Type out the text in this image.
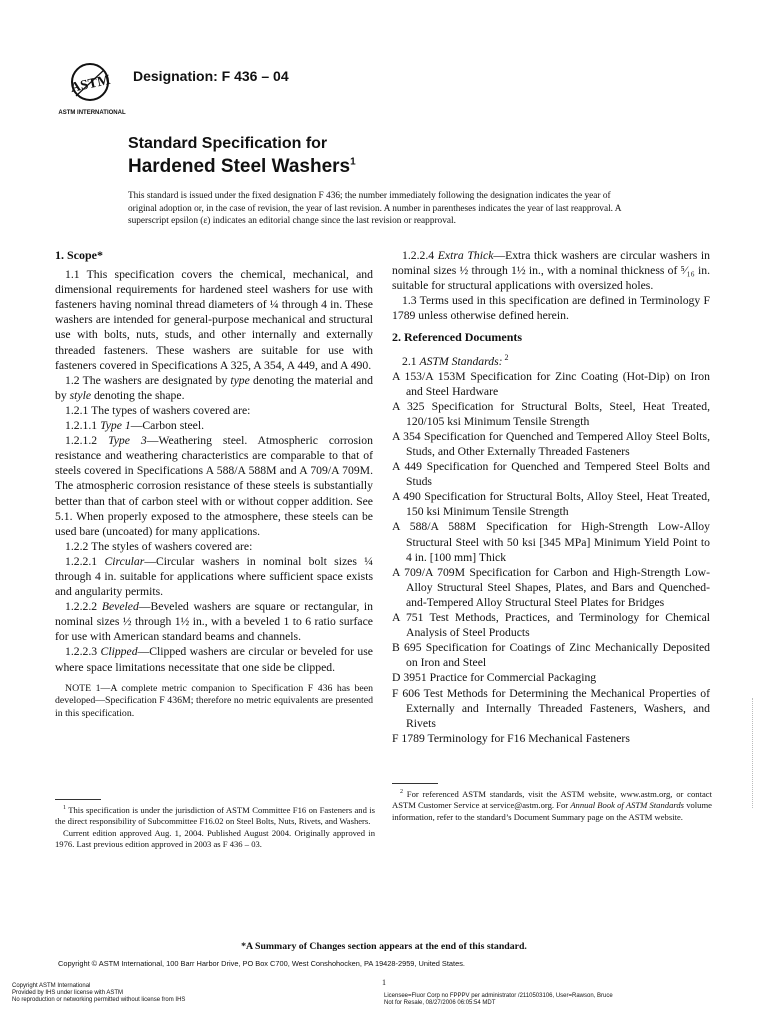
ASTM
ASTM INTERNATIONAL
Designation: F 436 – 04
Standard Specification for
Hardened Steel Washers$^1$
This standard is issued under the fixed designation F 436; the number immediately following the designation indicates the year of original adoption or, in the case of revision, the year of last revision. A number in parentheses indicates the year of last reapproval. A superscript epsilon (ε) indicates an editorial change since the last revision or reapproval.
1. Scope*

1.1 This specification covers the chemical, mechanical, and dimensional requirements for hardened steel washers for use with fasteners having nominal thread diameters of ¼ through 4 in. These washers are intended for general-purpose mechanical and structural use with bolts, nuts, studs, and other internally and externally threaded fasteners. These washers are suitable for use with fasteners covered in Specifications A 325, A 354, A 449, and A 490.

1.2 The washers are designated by type denoting the material and by style denoting the shape.

1.2.1 The types of washers covered are:

1.2.1.1 Type 1—Carbon steel.

1.2.1.2 Type 3—Weathering steel. Atmospheric corrosion resistance and weathering characteristics are comparable to that of steels covered in Specifications A 588/A 588M and A 709/A 709M. The atmospheric corrosion resistance of these steels is substantially better than that of carbon steel with or without copper addition. See 5.1. When properly exposed to the atmosphere, these steels can be used bare (uncoated) for many applications.

1.2.2 The styles of washers covered are:

1.2.2.1 Circular—Circular washers in nominal bolt sizes ¼ through 4 in. suitable for applications where sufficient space exists and angularity permits.

1.2.2.2 Beveled—Beveled washers are square or rectangular, in nominal sizes ½ through 1½ in., with a beveled 1 to 6 ratio surface for use with American standard beams and channels.

1.2.2.3 Clipped—Clipped washers are circular or beveled for use where space limitations necessitate that one side be clipped.

NOTE 1—A complete metric companion to Specification F 436 has been developed—Specification F 436M; therefore no metric equivalents are presented in this specification.

1.2.2.4 Extra Thick—Extra thick washers are circular washers in nominal sizes ½ through 1½ in., with a nominal thickness of ⁵⁄₁₆ in. suitable for structural applications with oversized holes.

1.3 Terms used in this specification are defined in Terminology F 1789 unless otherwise defined herein.

2. Referenced Documents

2.1 ASTM Standards: $^2$

A 153/A 153M Specification for Zinc Coating (Hot-Dip) on Iron and Steel Hardware

A 325 Specification for Structural Bolts, Steel, Heat Treated, 120/105 ksi Minimum Tensile Strength

A 354 Specification for Quenched and Tempered Alloy Steel Bolts, Studs, and Other Externally Threaded Fasteners

A 449 Specification for Quenched and Tempered Steel Bolts and Studs

A 490 Specification for Structural Bolts, Alloy Steel, Heat Treated, 150 ksi Minimum Tensile Strength

A 588/A 588M Specification for High-Strength Low-Alloy Structural Steel with 50 ksi [345 MPa] Minimum Yield Point to 4 in. [100 mm] Thick

A 709/A 709M Specification for Carbon and High-Strength Low-Alloy Structural Steel Shapes, Plates, and Bars and Quenched-and-Tempered Alloy Structural Steel Plates for Bridges

A 751 Test Methods, Practices, and Terminology for Chemical Analysis of Steel Products

B 695 Specification for Coatings of Zinc Mechanically Deposited on Iron and Steel

D 3951 Practice for Commercial Packaging

F 606 Test Methods for Determining the Mechanical Properties of Externally and Internally Threaded Fasteners, Washers, and Rivets

F 1789 Terminology for F16 Mechanical Fasteners

$^1$ This specification is under the jurisdiction of ASTM Committee F16 on Fasteners and is the direct responsibility of Subcommittee F16.02 on Steel Bolts, Nuts, Rivets, and Washers.

Current edition approved Aug. 1, 2004. Published August 2004. Originally approved in 1976. Last previous edition approved in 2003 as F 436 – 03.

$^2$ For referenced ASTM standards, visit the ASTM website, www.astm.org, or contact ASTM Customer Service at service@astm.org. For Annual Book of ASTM Standards volume information, refer to the standard’s Document Summary page on the ASTM website.

*A Summary of Changes section appears at the end of this standard.
Copyright © ASTM International, 100 Barr Harbor Drive, PO Box C700, West Conshohocken, PA 19428-2959, United States.
1
Copyright ASTM International
Provided by IHS under license with ASTM
No reproduction or networking permitted without license from IHS
Licensee=Fluor Corp no FPPPV per administrator /2110503106, User=Rawson, Bruce
Not for Resale, 08/27/2006 06:05:54 MDT
